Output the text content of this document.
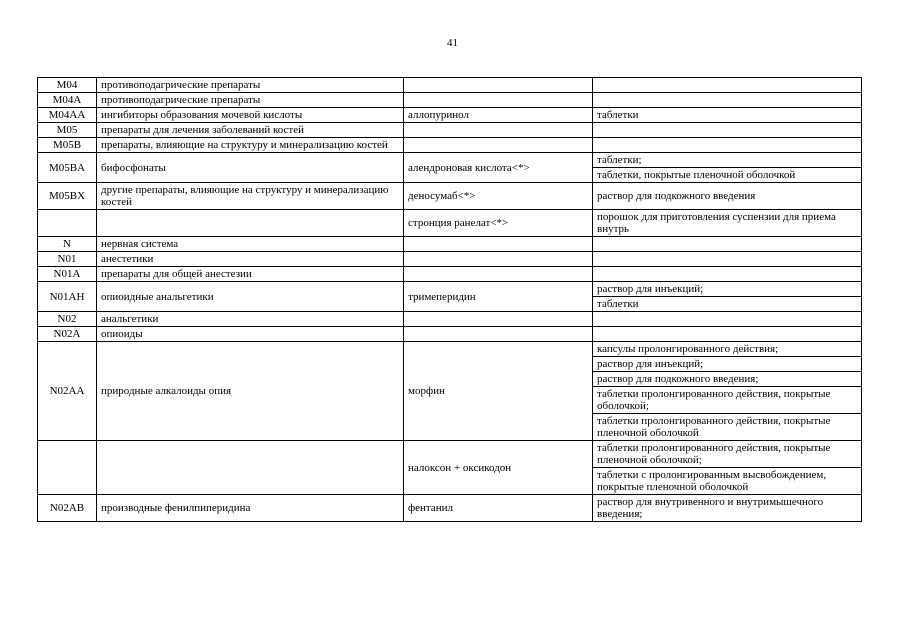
41
M04	противоподагрические препараты		
M04A	противоподагрические препараты		
M04AA	ингибиторы образования мочевой кислоты	аллопуринол	таблетки
M05	препараты для лечения заболеваний костей		
M05B	препараты, влияющие на структуру и минерализацию костей		
M05BA	бифосфонаты	алендроновая кислота<*>	таблетки;
			таблетки, покрытые пленочной оболочкой
M05BX	другие препараты, влияющие на структуру и минерализацию костей	деносумаб<*>	раствор для подкожного введения
		стронция ранелат<*>	порошок для приготовления суспензии для приема внутрь
N	нервная система		
N01	анестетики		
N01A	препараты для общей анестезии		
N01AH	опиоидные анальгетики	тримеперидин	раствор для инъекций;
			таблетки
N02	анальгетики		
N02A	опиоиды		
N02AA	природные алкалоиды опия	морфин	капсулы пролонгированного действия;
			раствор для инъекций;
			раствор для подкожного введения;
			таблетки пролонгированного действия, покрытые оболочкой;
			таблетки пролонгированного действия, покрытые пленочной оболочкой
		налоксон + оксикодон	таблетки пролонгированного действия, покрытые пленочной оболочкой;
			таблетки с пролонгированным высвобождением, покрытые пленочной оболочкой
N02AB	производные фенилпиперидина	фентанил	раствор для внутривенного и внутримышечного введения;
